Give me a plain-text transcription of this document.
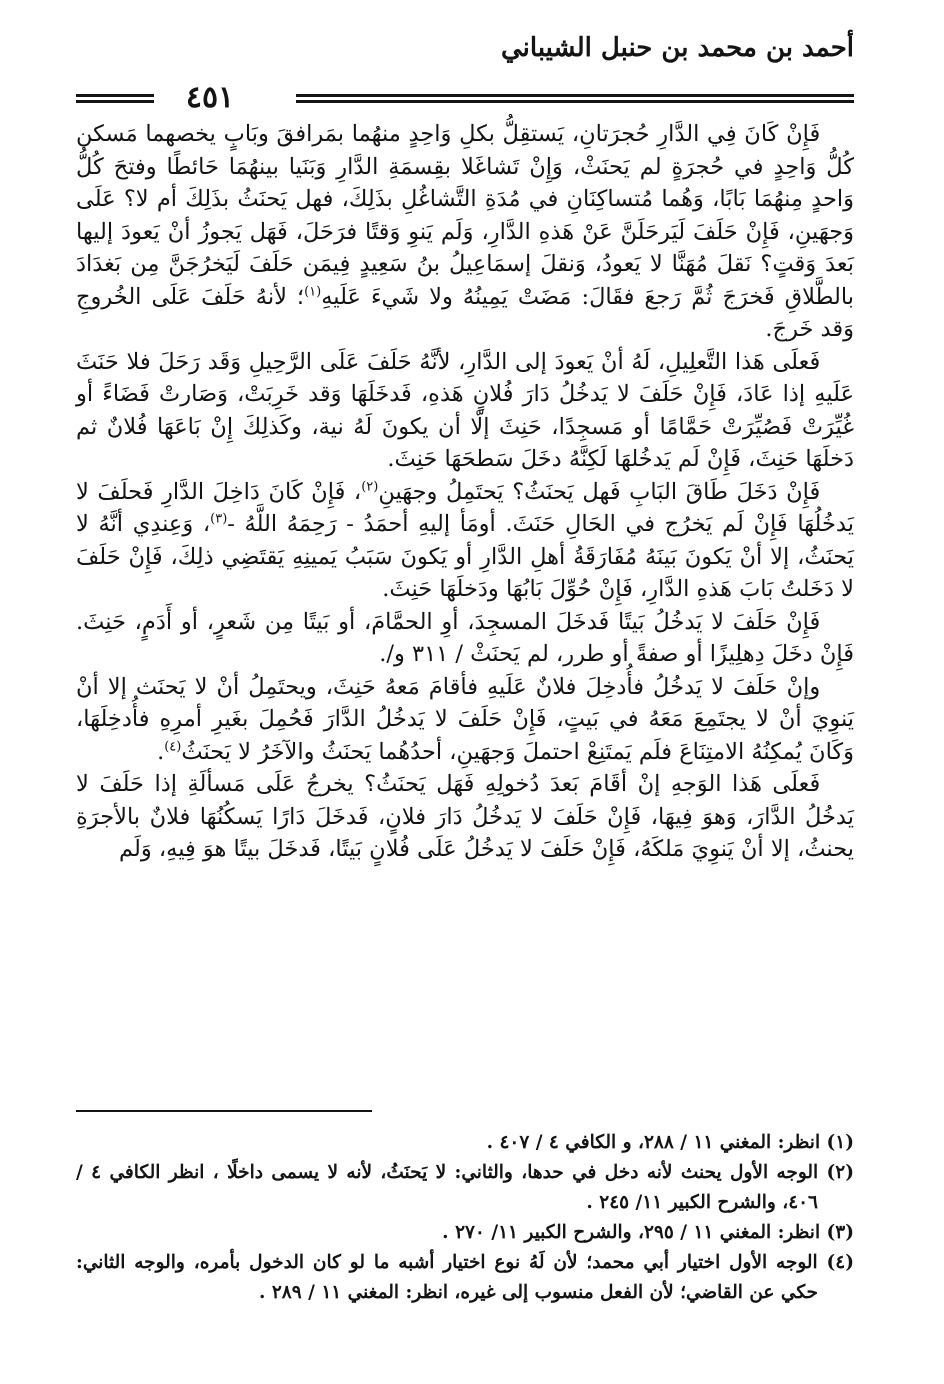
أحمد بن محمد بن حنبل الشيباني
٤٥١

فَإِنْ كَانَ فِي الدَّارِ حُجرَتانِ، يَستقِلُّ بكلِ وَاحِدٍ منهُما بمَرافقَ وبَابٍ يخصهما مَسكن كُلُّ وَاحِدٍ في حُجرَةٍ لم يَحنَثْ، وَإِنْ تَشاغَلا بقِسمَةِ الدَّارِ وَبَنَيا بينهُمَا حَائطًا وفتحَ كُلُّ وَاحدٍ مِنهُمَا بَابًا، وَهُما مُتساكِنَانِ في مُدَةِ التَّشاغُلِ بذَلِكَ، فهل يَحنَثُ بذَلِكَ أم لا؟ عَلَى وَجهَينِ، فَإِنْ حَلَفَ لَيَرحَلَنَّ عَنْ هَذهِ الدَّارِ، وَلَم يَنوِ وَقتًا فرَحَلَ، فَهَل يَجوزُ أنْ يَعودَ إليها بَعدَ وَقتٍ؟ نَقلَ مُهَنَّا لا يَعودُ، وَنقلَ إسمَاعِيلُ بنُ سَعِيدٍ فِيمَن حَلَفَ لَيَخرُجَنَّ مِن بَغدَادَ بالطَّلاقِ فَخرَجَ ثُمَّ رَجعَ فقَالَ: مَضَتْ يَمِينُهُ ولا شَيءَ عَلَيهِ$^{(١)}$؛ لأنهُ حَلَفَ عَلَى الخُروجِ وَقد خَرجَ.

فَعلَى هَذا التَّعلِيلِ، لَهُ أنْ يَعودَ إلى الدَّارِ، لأنَّهُ حَلَفَ عَلَى الرَّحِيلِ وَقَد رَحَلَ فلا حَنَثَ عَلَيهِ إذا عَادَ، فَإِنْ حَلَفَ لا يَدخُلُ دَارَ فُلانٍ هَذهِ، فَدخَلَهَا وَقد خَرِبَتْ، وَصَارتْ فَضَاءً أو غُيِّرَتْ فَصُيِّرَتْ حَمَّامًا أو مَسجِدًا، حَنِثَ إلّا أن يكونَ لَهُ نية، وكَذلِكَ إِنْ بَاعَهَا فُلانٌ ثم دَخلَهَا حَنِثَ، فَإِنْ لَم يَدخُلهَا لَكِنَّهُ دخَلَ سَطحَهَا حَنِثَ.

فَإِنْ دَخَلَ طَاقَ البَابِ فَهل يَحنَثُ؟ يَحتَمِلُ وجهَينِ$^{(٢)}$، فَإِنْ كَانَ دَاخِلَ الدَّارِ فَحلَفَ لا يَدخُلُهَا فَإِنْ لَم يَخرُج في الحَالِ حَنَثَ. أومَأ إليهِ أحمَدُ - رَحِمَهُ اللَّهُ -$^{(٣)}$، وَعِندِي أنَّهُ لا يَحنَثُ، إلا أنْ يَكونَ بَينَهُ مُفَارَقَةُ أهلِ الدَّارِ أو يَكونَ سَبَبُ يَمينِهِ يَقتَضِي ذلِكَ، فَإِنْ حَلَفَ لا دَخَلتُ بَابَ هَذهِ الدَّارِ، فَإِنْ حُوِّلَ بَابُهَا ودَخلَهَا حَنِثَ.

فَإِنْ حَلَفَ لا يَدخُلُ بَيتًا فَدخَلَ المسجِدَ، أوِ الحمَّامَ، أو بَيتًا مِن شَعرٍ، أو أَدَمٍ، حَنِثَ. فَإِنْ دخَلَ دِهلِيزًا أو صفةً أو طرر، لم يَحنَثْ / ٣١١ و/.

وإنْ حَلَفَ لا يَدخُلُ فأُدخِلَ فلانٌ عَلَيهِ فأقامَ مَعهُ حَنِثَ، ويحتَمِلُ أنْ لا يَحنَث إلا أنْ يَنوِيَ أنْ لا يجتَمِعَ مَعَهُ في بَيتٍ، فَإِنْ حَلَفَ لا يَدخُلُ الدَّارَ فَحُمِلَ بغَيرِ أمرِهِ فأُدخِلَهَا، وَكَانَ يُمكِنُهُ الامتِنَاعَ فلَم يَمتَنِعْ احتملَ وَجهَينِ، أحدُهُما يَحنَثُ والآخَرُ لا يَحنَثُ$^{(٤)}$.

فَعلَى هَذا الوَجهِ إنْ أقَامَ بَعدَ دُخولِهِ فَهَل يَحنَثُ؟ يخرجُ عَلَى مَسألَةِ إذا حَلَفَ لا يَدخُلُ الدَّارَ، وَهوَ فِيهَا، فَإِنْ حَلَفَ لا يَدخُلُ دَارَ فلانٍ، فَدخَلَ دَارًا يَسكُنُهَا فلانٌ بالأجرَةِ يحنثُ، إلا أنْ يَنوِيَ مَلكَهُ، فَإِنْ حَلَفَ لا يَدخُلُ عَلَى فُلانٍ بَيتًا، فَدخَلَ بيتًا هوَ فِيهِ، وَلَم

(١) انظر: المغني ١١ / ٢٨٨، و الكافي ٤ / ٤٠٧ .

(٢) الوجه الأول يحنث لأنه دخل في حدها، والثاني: لا يَحنَثُ، لأنه لا يسمى داخلًا ، انظر الكافي ٤ / ٤٠٦، والشرح الكبير ١١/ ٢٤٥ .

(٣) انظر: المغني ١١ / ٢٩٥، والشرح الكبير ١١/ ٢٧٠ .

(٤) الوجه الأول اختيار أبي محمد؛ لأن لَهُ نوع اختيار أشبه ما لو كان الدخول بأمره، والوجه الثاني: حكي عن القاضي؛ لأن الفعل منسوب إلى غيره، انظر: المغني ١١ / ٢٨٩ .
